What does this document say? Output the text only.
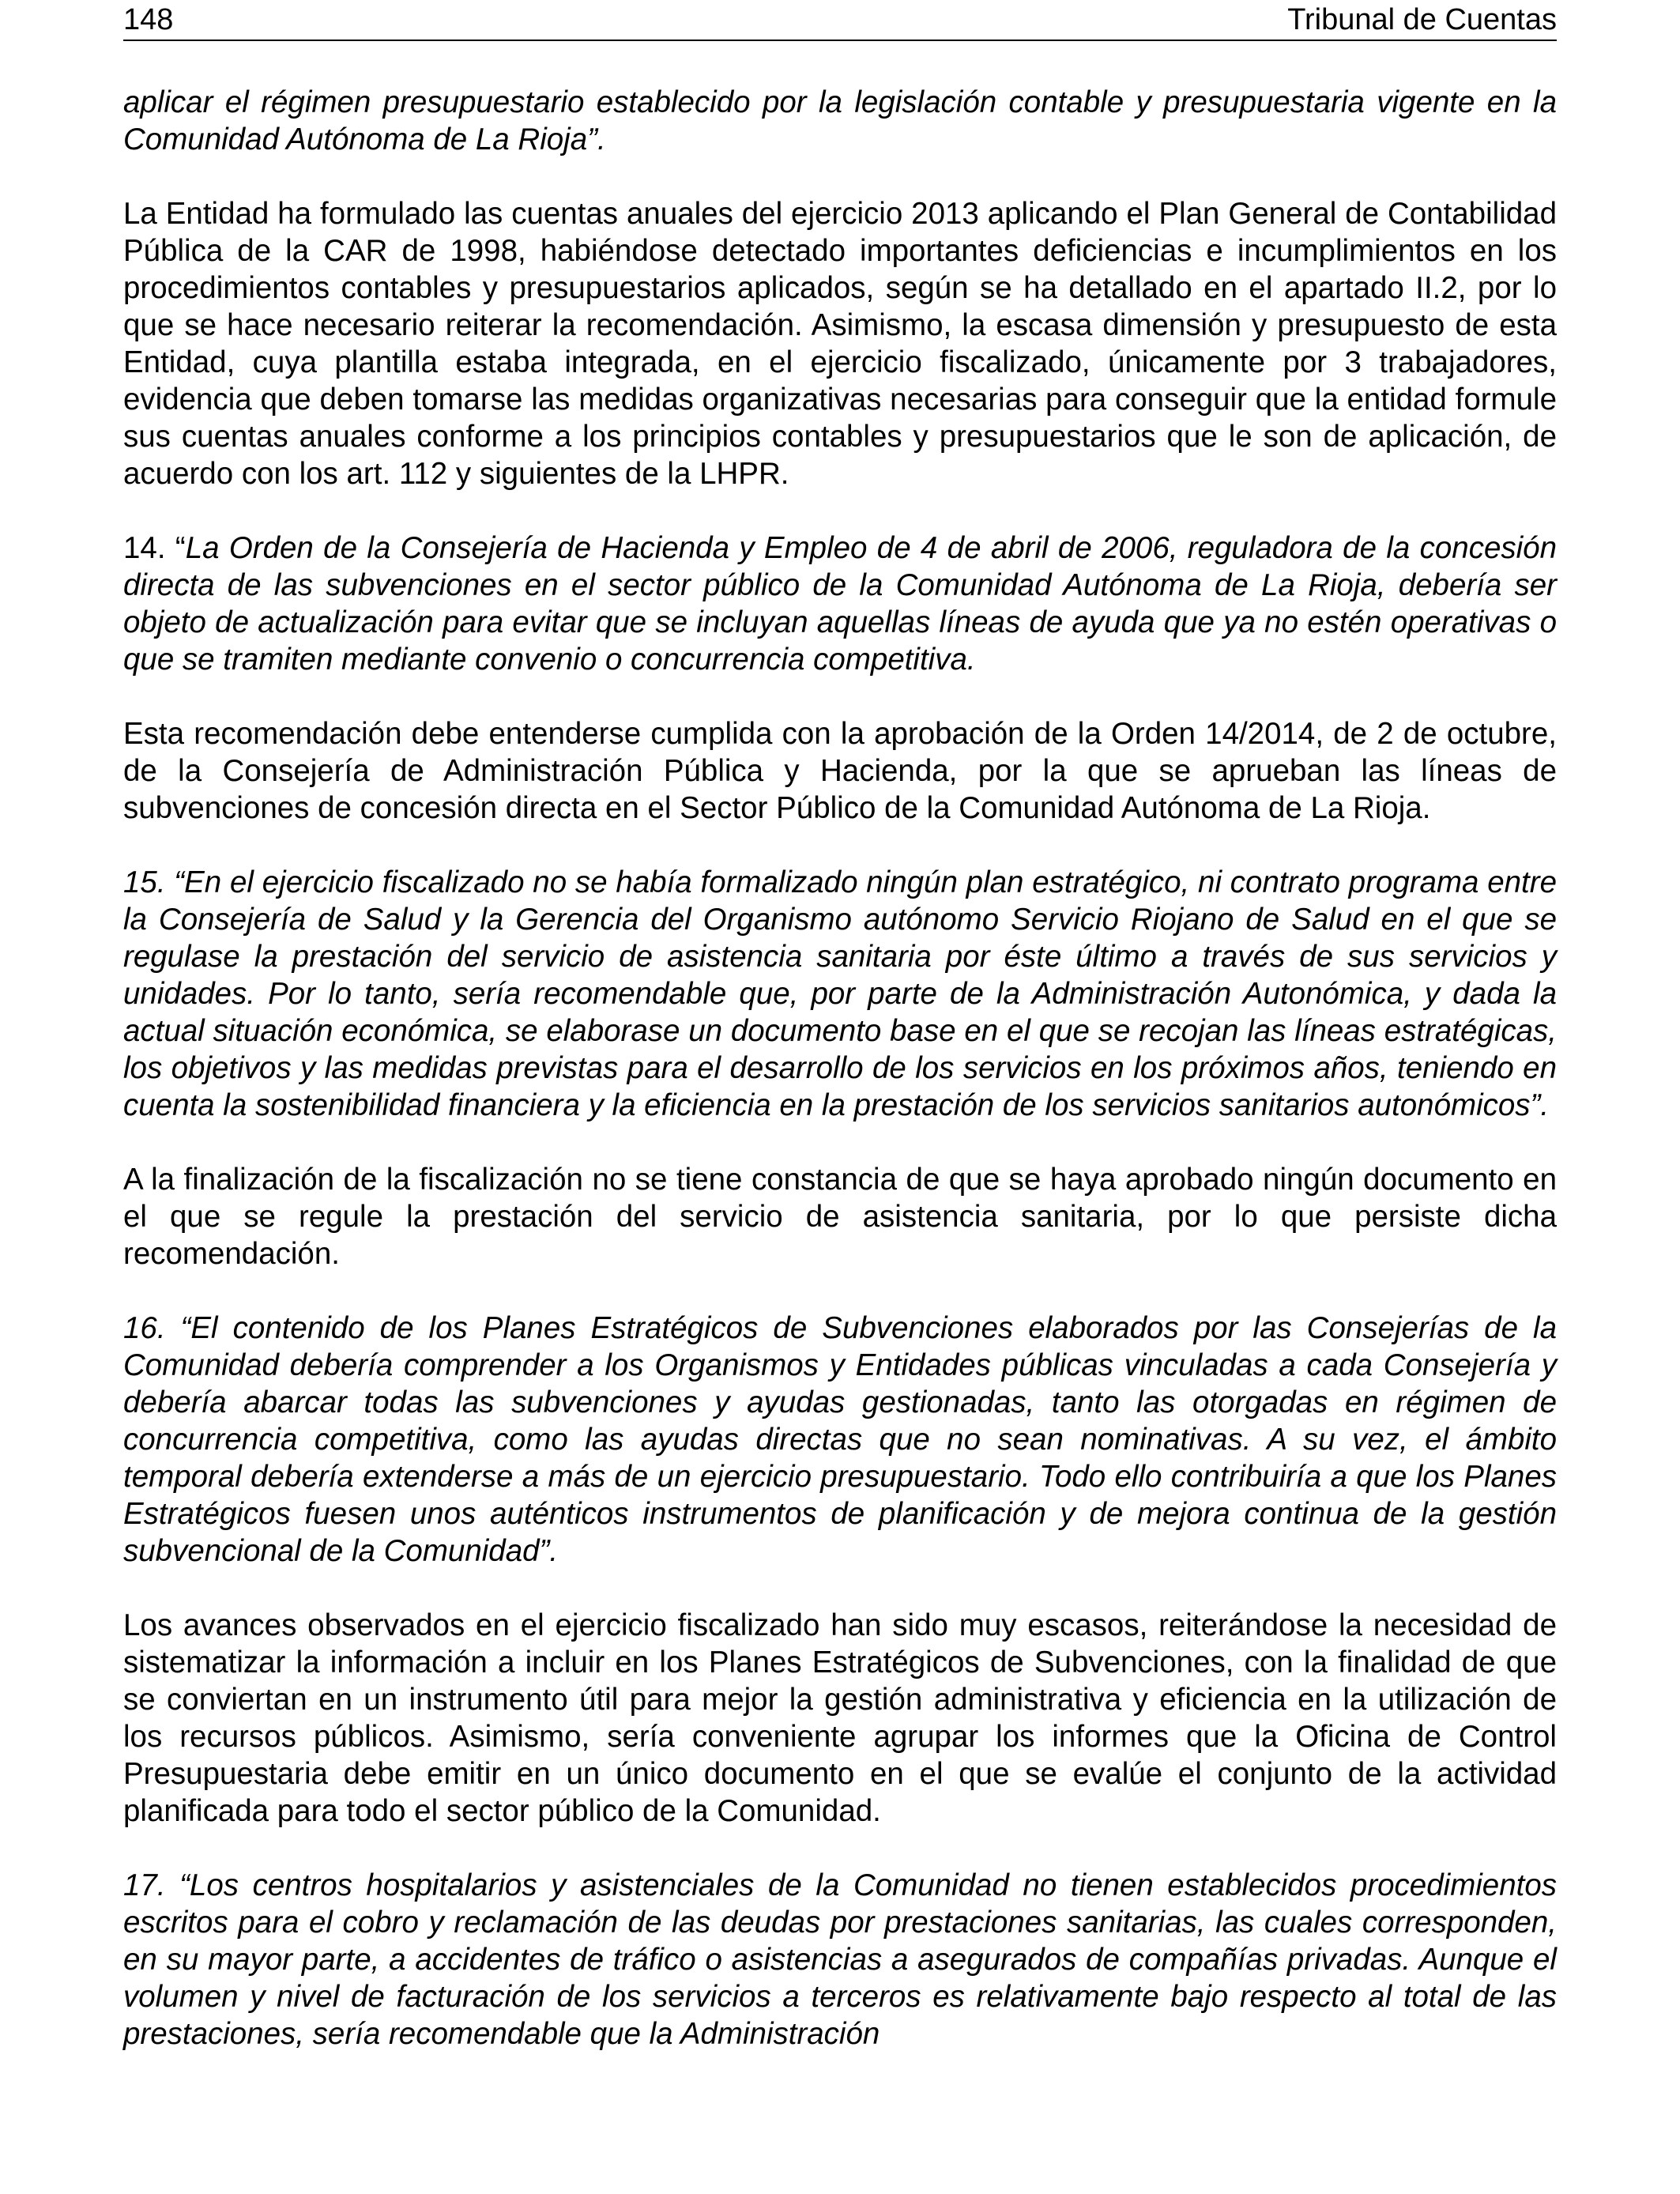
148	Tribunal de Cuentas

aplicar el régimen presupuestario establecido por la legislación contable y presupuestaria vigente en la Comunidad Autónoma de La Rioja”.

La Entidad ha formulado las cuentas anuales del ejercicio 2013 aplicando el Plan General de Contabilidad Pública de la CAR de 1998, habiéndose detectado importantes deficiencias e incumplimientos en los procedimientos contables y presupuestarios aplicados, según se ha detallado en el apartado II.2, por lo que se hace necesario reiterar la recomendación. Asimismo, la escasa dimensión y presupuesto de esta Entidad, cuya plantilla estaba integrada, en el ejercicio fiscalizado, únicamente por 3 trabajadores, evidencia que deben tomarse las medidas organizativas necesarias para conseguir que la entidad formule sus cuentas anuales conforme a los principios contables y presupuestarios que le son de aplicación, de acuerdo con los art. 112 y siguientes de la LHPR.

14. “La Orden de la Consejería de Hacienda y Empleo de 4 de abril de 2006, reguladora de la concesión directa de las subvenciones en el sector público de la Comunidad Autónoma de La Rioja, debería ser objeto de actualización para evitar que se incluyan aquellas líneas de ayuda que ya no estén operativas o que se tramiten mediante convenio o concurrencia competitiva.

Esta recomendación debe entenderse cumplida con la aprobación de la Orden 14/2014, de 2 de octubre, de la Consejería de Administración Pública y Hacienda, por la que se aprueban las líneas de subvenciones de concesión directa en el Sector Público de la Comunidad Autónoma de La Rioja.

15. “En el ejercicio fiscalizado no se había formalizado ningún plan estratégico, ni contrato programa entre la Consejería de Salud y la Gerencia del Organismo autónomo Servicio Riojano de Salud en el que se regulase la prestación del servicio de asistencia sanitaria por éste último a través de sus servicios y unidades. Por lo tanto, sería recomendable que, por parte de la Administración Autonómica, y dada la actual situación económica, se elaborase un documento base en el que se recojan las líneas estratégicas, los objetivos y las medidas previstas para el desarrollo de los servicios en los próximos años, teniendo en cuenta la sostenibilidad financiera y la eficiencia en la prestación de los servicios sanitarios autonómicos”.

A la finalización de la fiscalización no se tiene constancia de que se haya aprobado ningún documento en el que se regule la prestación del servicio de asistencia sanitaria, por lo que persiste dicha recomendación.

16. “El contenido de los Planes Estratégicos de Subvenciones elaborados por las Consejerías de la Comunidad debería comprender a los Organismos y Entidades públicas vinculadas a cada Consejería y debería abarcar todas las subvenciones y ayudas gestionadas, tanto las otorgadas en régimen de concurrencia competitiva, como las ayudas directas que no sean nominativas. A su vez, el ámbito temporal debería extenderse a más de un ejercicio presupuestario. Todo ello contribuiría a que los Planes Estratégicos fuesen unos auténticos instrumentos de planificación y de mejora continua de la gestión subvencional de la Comunidad”.

Los avances observados en el ejercicio fiscalizado han sido muy escasos, reiterándose la necesidad de sistematizar la información a incluir en los Planes Estratégicos de Subvenciones, con la finalidad de que se conviertan en un instrumento útil para mejor la gestión administrativa y eficiencia en la utilización de los recursos públicos. Asimismo, sería conveniente agrupar los informes que la Oficina de Control Presupuestaria debe emitir en un único documento en el que se evalúe el conjunto de la actividad planificada para todo el sector público de la Comunidad.

17. “Los centros hospitalarios y asistenciales de la Comunidad no tienen establecidos procedimientos escritos para el cobro y reclamación de las deudas por prestaciones sanitarias, las cuales corresponden, en su mayor parte, a accidentes de tráfico o asistencias a asegurados de compañías privadas. Aunque el volumen y nivel de facturación de los servicios a terceros es relativamente bajo respecto al total de las prestaciones, sería recomendable que la Administración
